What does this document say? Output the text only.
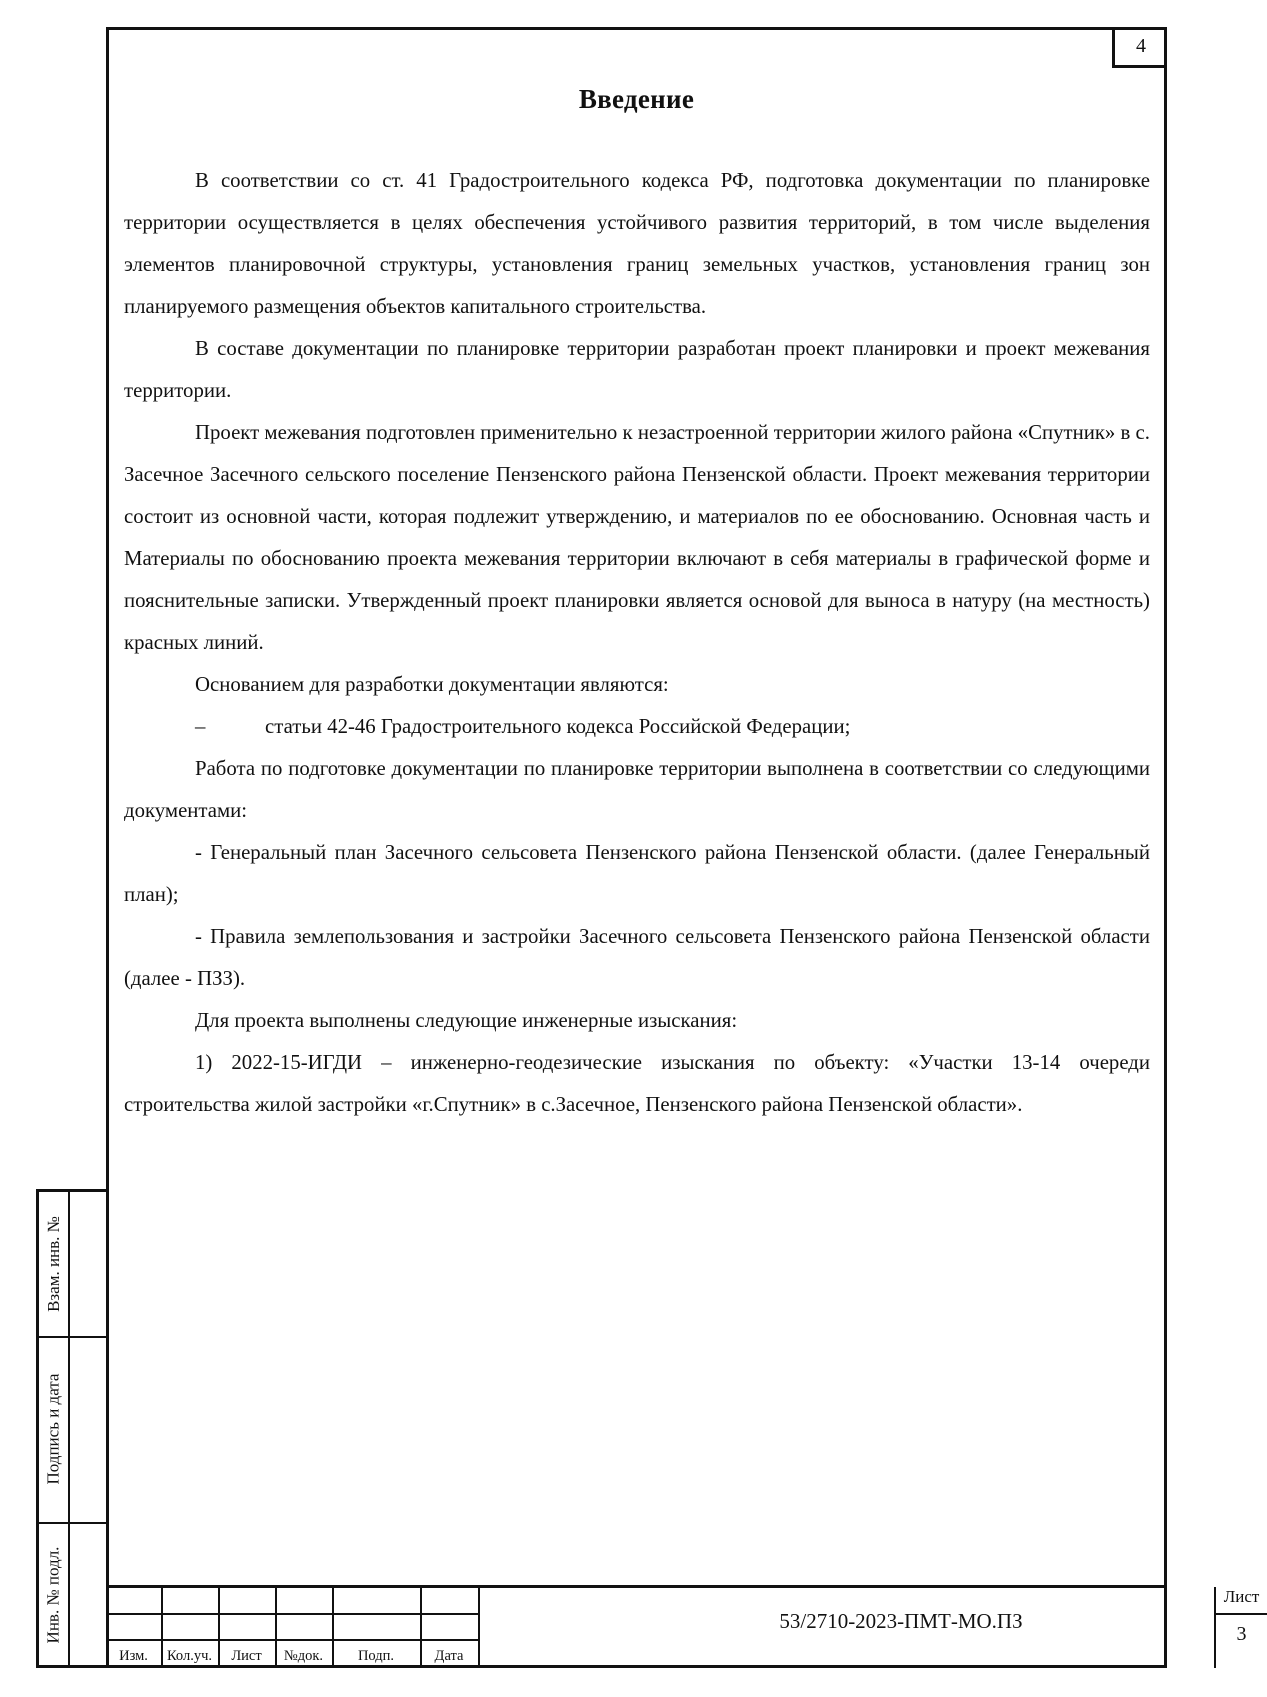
4
Введение

В соответствии со ст. 41 Градостроительного кодекса РФ, подготовка документации по планировке территории осуществляется в целях обеспечения устойчивого развития территорий, в том числе выделения элементов планировочной структуры, установления границ земельных участков, установления границ зон планируемого размещения объектов капитального строительства.

В составе документации по планировке территории разработан проект планировки и проект межевания территории.

Проект межевания подготовлен применительно к незастроенной территории жилого района «Спутник» в с. Засечное Засечного сельского поселение Пензенского района Пензенской области. Проект межевания территории состоит из основной части, которая подлежит утверждению, и материалов по ее обоснованию. Основная часть и Материалы по обоснованию проекта межевания территории включают в себя материалы в графической форме и пояснительные записки. Утвержденный проект планировки является основой для выноса в натуру (на местность) красных линий.

Основанием для разработки документации являются:

–	статьи 42-46 Градостроительного кодекса Российской Федерации;

Работа по подготовке документации по планировке территории выполнена в соответствии со следующими документами:

- Генеральный план Засечного сельсовета Пензенского района Пензенской области. (далее Генеральный план);

- Правила землепользования и застройки Засечного сельсовета Пензенского района Пензенской области (далее - ПЗЗ).

Для проекта выполнены следующие инженерные изыскания:

1) 2022-15-ИГДИ – инженерно-геодезические изыскания по объекту: «Участки 13-14 очереди строительства жилой застройки «г.Спутник» в с.Засечное, Пензенского района Пензенской области».

Взам. инв. №
Подпись и дата
Инв. № подл.
Изм.	Кол.уч.	Лист	№док.	Подп.	Дата
53/2710-2023-ПМТ-МО.ПЗ
Лист
3
